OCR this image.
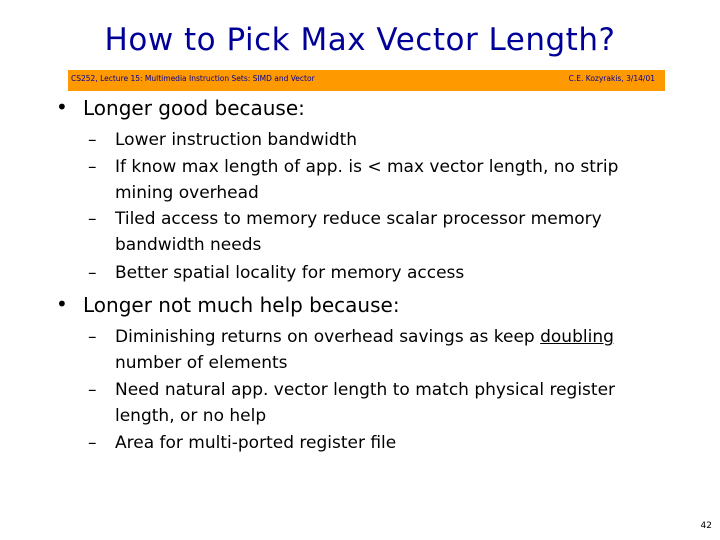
How to Pick Max Vector Length?
CS252, Lecture 15: Multimedia Instruction Sets: SIMD and Vector	C.E. Kozyrakis, 3/14/01
• Longer good because:
– Lower instruction bandwidth
– If know max length of app. is < max vector length, no strip mining overhead
– Tiled access to memory reduce scalar processor memory bandwidth needs
– Better spatial locality for memory access
• Longer not much help because:
– Diminishing returns on overhead savings as keep doubling number of elements
– Need natural app. vector length to match physical register length, or no help
– Area for multi-ported register file
42
